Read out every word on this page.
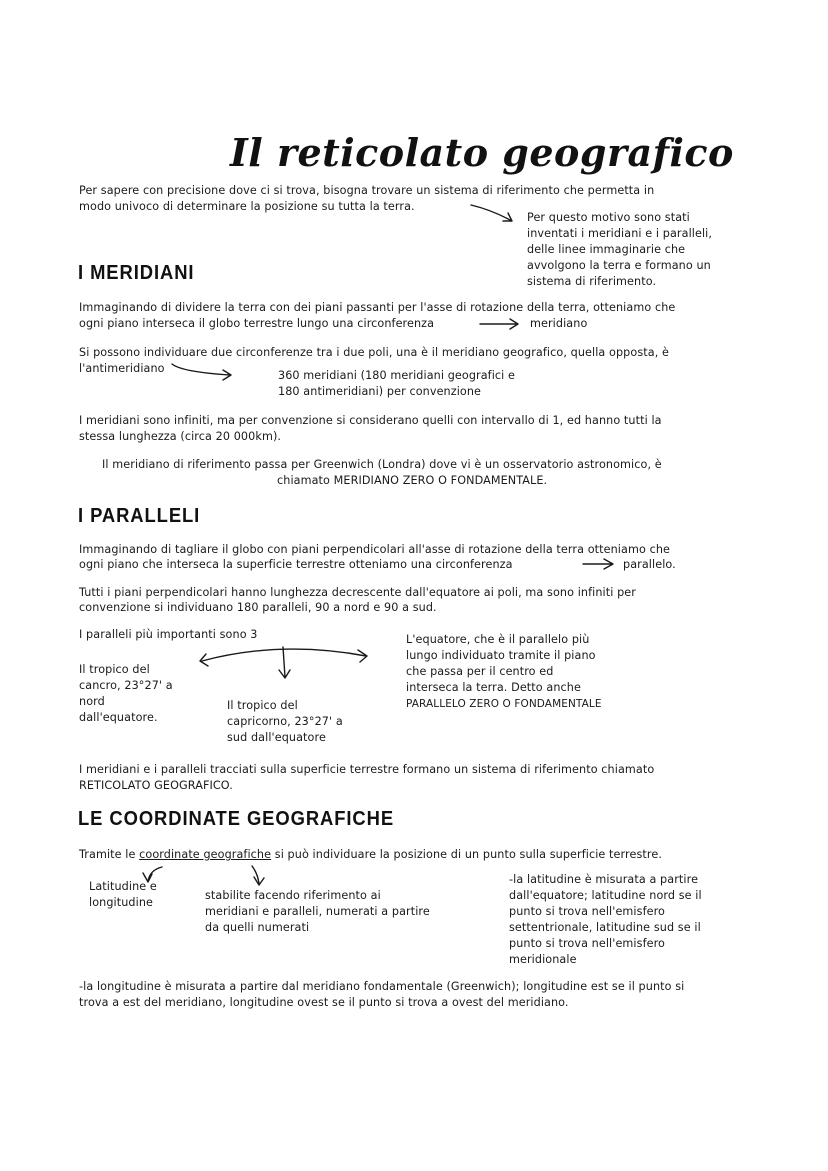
Il reticolato geografico
Per sapere con precisione dove ci si trova, bisogna trovare un sistema di riferimento che permetta in
modo univoco di determinare la posizione su tutta la terra.
Per questo motivo sono stati
inventati i meridiani e i paralleli,
delle linee immaginarie che
avvolgono la terra e formano un
sistema di riferimento.
I MERIDIANI
Immaginando di dividere la terra con dei piani passanti per l'asse di rotazione della terra, otteniamo che
ogni piano interseca il globo terrestre lungo una circonferenza	meridiano
Si possono individuare due circonferenze tra i due poli, una è il meridiano geografico, quella opposta, è
l'antimeridiano
360 meridiani (180 meridiani geografici e
180 antimeridiani) per convenzione
I meridiani sono infiniti, ma per convenzione si considerano quelli con intervallo di 1, ed hanno tutti la
stessa lunghezza (circa 20 000km).
Il meridiano di riferimento passa per Greenwich (Londra) dove vi è un osservatorio astronomico, è
chiamato MERIDIANO ZERO O FONDAMENTALE.
I PARALLELI
Immaginando di tagliare il globo con piani perpendicolari all'asse di rotazione della terra otteniamo che
ogni piano che interseca la superficie terrestre otteniamo una circonferenza	parallelo.
Tutti i piani perpendicolari hanno lunghezza decrescente dall'equatore ai poli, ma sono infiniti per
convenzione si individuano 180 paralleli, 90 a nord e 90 a sud.
I paralleli più importanti sono 3
Il tropico del
cancro, 23°27' a
nord
dall'equatore.
Il tropico del
capricorno, 23°27' a
sud dall'equatore
L'equatore, che è il parallelo più
lungo individuato tramite il piano
che passa per il centro ed
interseca la terra. Detto anche
PARALLELO ZERO O FONDAMENTALE
I meridiani e i paralleli tracciati sulla superficie terrestre formano un sistema di riferimento chiamato
RETICOLATO GEOGRAFICO.
LE COORDINATE GEOGRAFICHE
Tramite le coordinate geografiche si può individuare la posizione di un punto sulla superficie terrestre.
Latitudine e
longitudine
stabilite facendo riferimento ai
meridiani e paralleli, numerati a partire
da quelli numerati
-la latitudine è misurata a partire
dall'equatore; latitudine nord se il
punto si trova nell'emisfero
settentrionale, latitudine sud se il
punto si trova nell'emisfero
meridionale
-la longitudine è misurata a partire dal meridiano fondamentale (Greenwich); longitudine est se il punto si
trova a est del meridiano, longitudine ovest se il punto si trova a ovest del meridiano.
